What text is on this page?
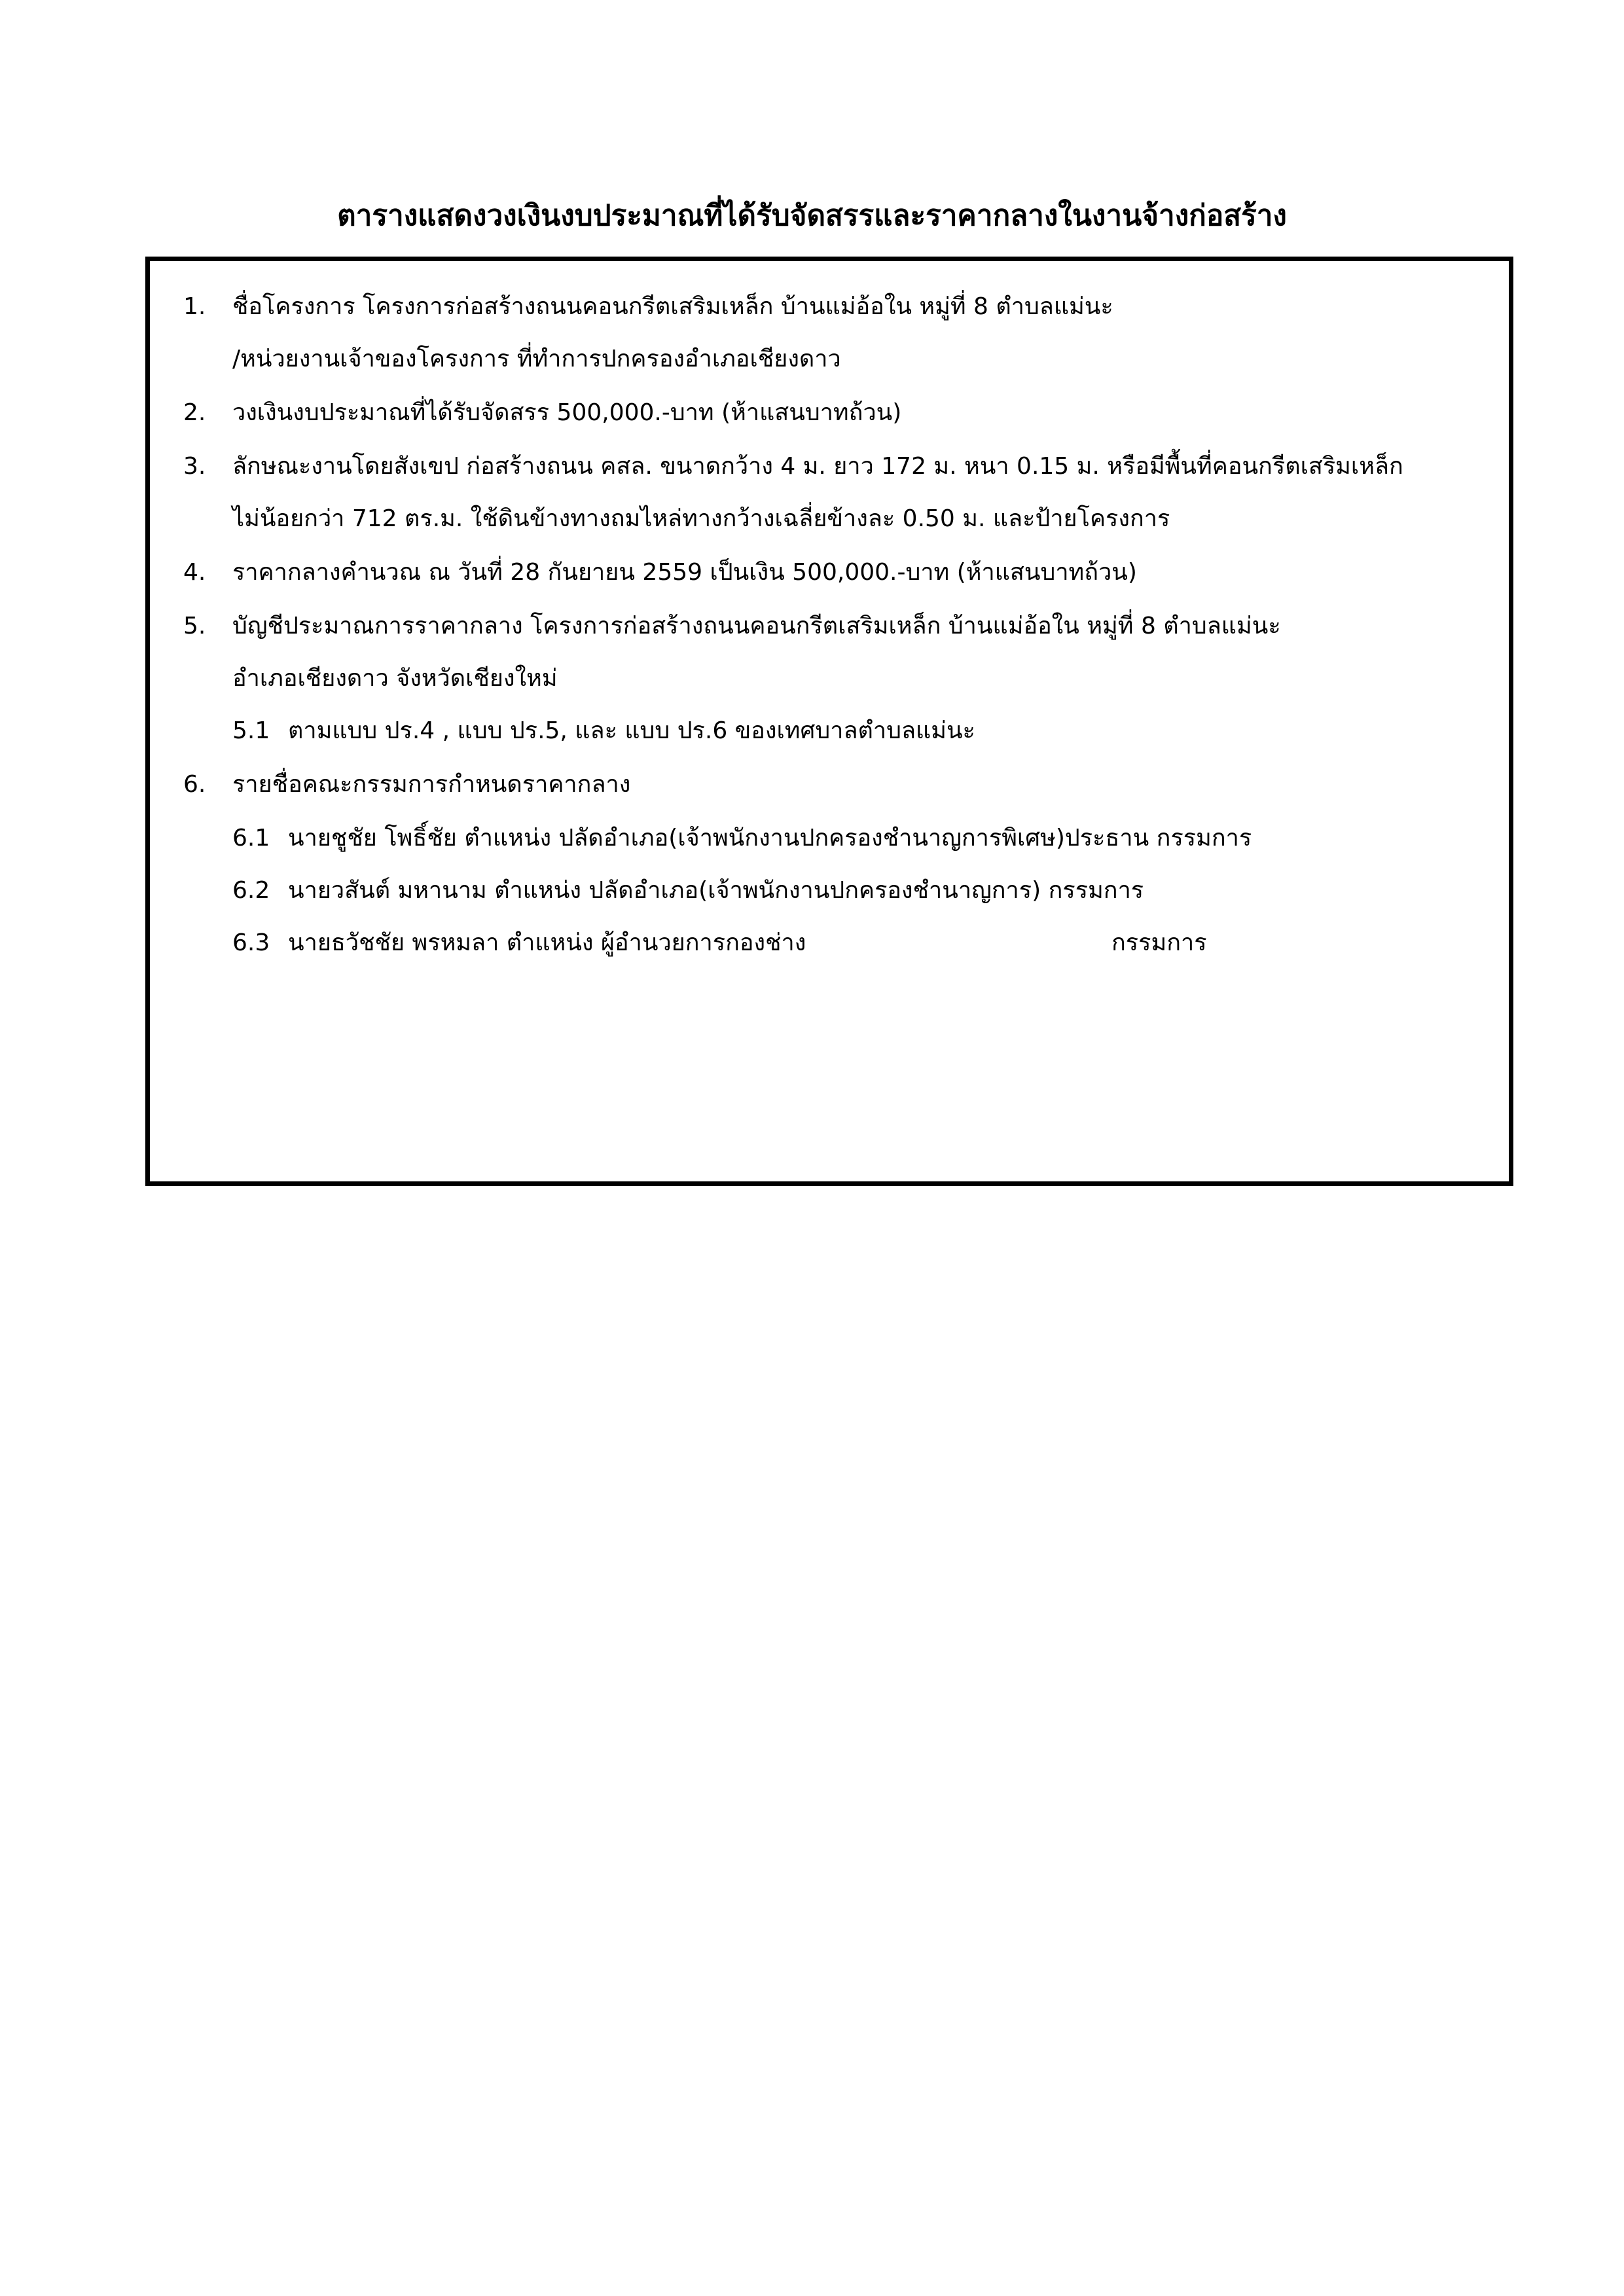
ตารางแสดงวงเงินงบประมาณที่ได้รับจัดสรรและราคากลางในงานจ้างก่อสร้าง
1. ชื่อโครงการ โครงการก่อสร้างถนนคอนกรีตเสริมเหล็ก บ้านแม่อ้อใน หมู่ที่ 8 ตำบลแม่นะ
/หน่วยงานเจ้าของโครงการ ที่ทำการปกครองอำเภอเชียงดาว
2. วงเงินงบประมาณที่ได้รับจัดสรร 500,000.-บาท (ห้าแสนบาทถ้วน)
3. ลักษณะงานโดยสังเขป ก่อสร้างถนน คสล. ขนาดกว้าง 4 ม. ยาว 172 ม. หนา 0.15 ม. หรือมีพื้นที่คอนกรีตเสริมเหล็ก
ไม่น้อยกว่า 712 ตร.ม. ใช้ดินข้างทางถมไหล่ทางกว้างเฉลี่ยข้างละ 0.50 ม. และป้ายโครงการ
4. ราคากลางคำนวณ ณ วันที่ 28 กันยายน 2559 เป็นเงิน 500,000.-บาท (ห้าแสนบาทถ้วน)
5. บัญชีประมาณการราคากลาง โครงการก่อสร้างถนนคอนกรีตเสริมเหล็ก บ้านแม่อ้อใน หมู่ที่ 8 ตำบลแม่นะ
อำเภอเชียงดาว จังหวัดเชียงใหม่
5.1 ตามแบบ ปร.4 , แบบ ปร.5, และ แบบ ปร.6 ของเทศบาลตำบลแม่นะ
6. รายชื่อคณะกรรมการกำหนดราคากลาง
6.1 นายชูชัย โพธิ์ชัย ตำแหน่ง ปลัดอำเภอ(เจ้าพนักงานปกครองชำนาญการพิเศษ)ประธาน กรรมการ
6.2 นายวสันต์ มหานาม ตำแหน่ง ปลัดอำเภอ(เจ้าพนักงานปกครองชำนาญการ) กรรมการ
6.3 นายธวัชชัย พรหมลา ตำแหน่ง ผู้อำนวยการกองช่าง	กรรมการ
